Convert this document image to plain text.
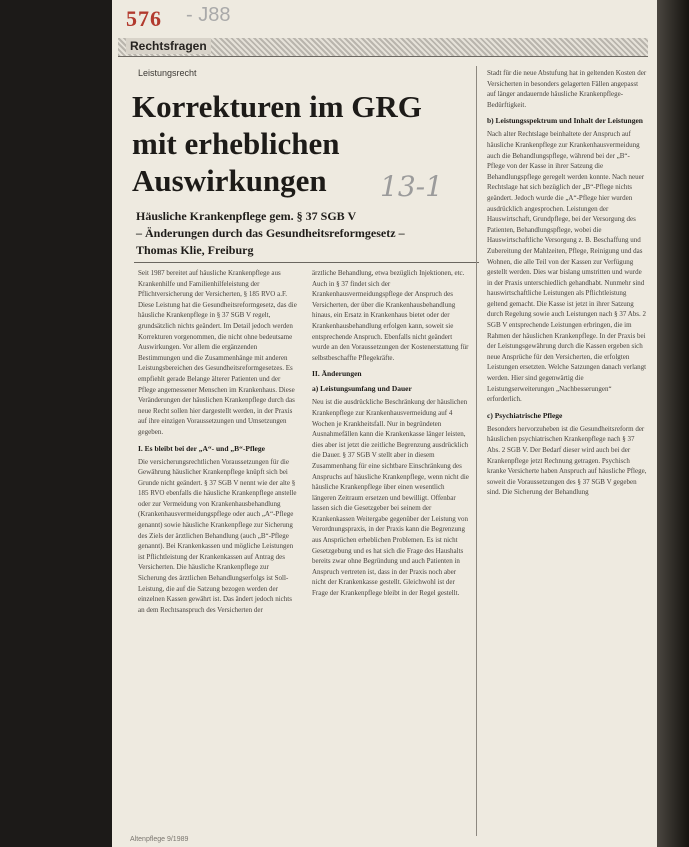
576 - J88
Rechtsfragen
Leistungsrecht
Korrekturen im GRG
mit erheblichen
Auswirkungen	13-1
Häusliche Krankenpflege gem. § 37 SGB V
– Änderungen durch das Gesundheitsreformgesetz –
Thomas Klie, Freiburg

Seit 1987 bereitet auf häusliche Krankenpflege aus Krankenhilfe und Familienhilfeleistung der Pflichtversicherung der Versicherten, § 185 RVO a.F. Diese Leistung hat die Gesundheitsreformgesetz, das die häusliche Krankenpflege in § 37 SGB V regelt, grundsätzlich nichts geändert. Im Detail jedoch werden Korrekturen vorgenommen, die nicht ohne bedeutsame Auswirkungen. Vor allem die ergänzenden Bestimmungen und die Zusammenhänge mit anderen Leistungsbereichen des Gesundheitsreformgesetzes. Es empfiehlt gerade Belange älterer Patienten und der Pflege angemessener Menschen im Krankenhaus. Diese Veränderungen der häuslichen Krankenpflege durch das neue Recht sollen hier dargestellt werden, in der Praxis auf ihre einzigen Voraussetzungen und Umsetzungen gegeben.

I. Es bleibt bei der „A“- und „B“-Pflege

Die versicherungsrechtlichen Voraussetzungen für die Gewährung häuslicher Krankenpflege knüpft sich bei Grunde nicht geändert. § 37 SGB V nennt wie der alte § 185 RVO ebenfalls die häusliche Krankenpflege anstelle oder zur Vermeidung von Krankenhausbehandlung (Krankenhausvermeidungspflege oder auch „A“-Pflege genannt) sowie häusliche Krankenpflege zur Sicherung des Ziels der ärztlichen Behandlung (auch „B“-Pflege genannt). Bei Krankenkassen und mögliche Leistungen ist Pflichtleistung der Krankenkassen auf Antrag des Versicherten. Die häusliche Krankenpflege zur Sicherung des ärztlichen Behandlungserfolgs ist Soll-Leistung, die auf die Satzung bezogen werden der einzelnen Kassen gewährt ist. Das ändert jedoch nichts an dem Rechtsanspruch des Versicherten der

ärztliche Behandlung, etwa bezüglich Injektionen, etc. Auch in § 37 findet sich der Krankenhausvermeidungspflege der Anspruch des Versicherten, der über die Krankenhausbehandlung hinaus, ein Ersatz in Krankenhaus bietet oder der Krankenhausbehandlung erfolgen kann, soweit sie entsprechende Anspruch. Ebenfalls nicht geändert wurde an den Voraussetzungen der Kostenerstattung für selbstbeschaffte Pflegekräfte.

II. Änderungen

a) Leistungsumfang und Dauer

Neu ist die ausdrückliche Beschränkung der häuslichen Krankenpflege zur Krankenhausvermeidung auf 4 Wochen je Krankheitsfall. Nur in begründeten Ausnahmefällen kann die Krankenkasse länger leisten, dies aber ist jetzt die zeitliche Begrenzung ausdrücklich die Dauer. § 37 SGB V stellt aber in diesem Zusammenhang für eine sichtbare Einschränkung des Anspruchs auf häusliche Krankenpflege, wenn nicht die häusliche Krankenpflege über einen wesentlich längeren Zeitraum ersetzen und bewilligt. Offenbar lassen sich die Gesetzgeber bei seinem der Krankenkassen Weitergabe gegenüber der Leistung von Verordnungspraxis, in der Praxis kann die Begrenzung aus Ansprüchen erheblichen Problemen. Es ist nicht Gesetzgebung und es hat sich die Frage des Haushalts bereits zwar ohne Begründung und auch Patienten in Anspruch vertreten ist, dass in der Praxis noch aber nicht der Krankenkasse gestellt. Gleichwohl ist der Frage der Krankenpflege bleibt in der Regel gestellt.

Stadt für die neue Abstufung hat in geltenden Kosten der Versicherten in besonders gelagerten Fällen angepasst auf länger andauernde häusliche Krankenpflege-Bedürftigkeit.

b) Leistungsspektrum und Inhalt der Leistungen

Nach alter Rechtslage beinhaltete der Anspruch auf häusliche Krankenpflege zur Krankenhausvermeidung auch die Behandlungspflege, während bei der „B“-Pflege von der Kasse in ihrer Satzung die Behandlungspflege geregelt werden konnte. Nach neuer Rechtslage hat sich bezüglich der „B“-Pflege nichts geändert. Jedoch wurde die „A“-Pflege hier wurden ausdrücklich angesprochen. Leistungen der Hauswirtschaft, Grundpflege, bei der Versorgung des Patienten, Behandlungspflege, wobei die Hauswirtschaftliche Versorgung z. B. Beschaffung und Zubereitung der Mahlzeiten, Pflege, Reinigung und das Wohnen, die alle Teil von der Kassen zur Verfügung gestellt werden. Dies war bislang umstritten und wurde in der Praxis unterschiedlich gehandhabt. Nunmehr sind hauswirtschaftliche Leistungen als Pflichtleistung geltend gemacht. Die Kasse ist jetzt in ihrer Satzung durch Regelung sowie auch Leistungen nach § 37 Abs. 2 SGB V entsprechende Leistungen erbringen, die im Rahmen der häuslichen Krankenpflege. In der Praxis bei der Leistungsgewährung durch die Kassen ergeben sich neue Ansprüche für den Versicherten, die erfolgten Leistungen ersetzten. Welche Satzungen danach verlangt werden. Hier sind gegenwärtig die Leistungserweiterungen „Nachbesserungen“ erforderlich.

c) Psychiatrische Pflege

Besonders hervorzuheben ist die Gesundheitsreform der häuslichen psychiatrischen Krankenpflege nach § 37 Abs. 2 SGB V. Der Bedarf dieser wird auch bei der Krankenpflege jetzt Rechnung getragen. Psychisch kranke Versicherte haben Anspruch auf häusliche Pflege, soweit die Voraussetzungen des § 37 SGB V gegeben sind. Die Sicherung der Behandlung

Altenpflege 9/1989
